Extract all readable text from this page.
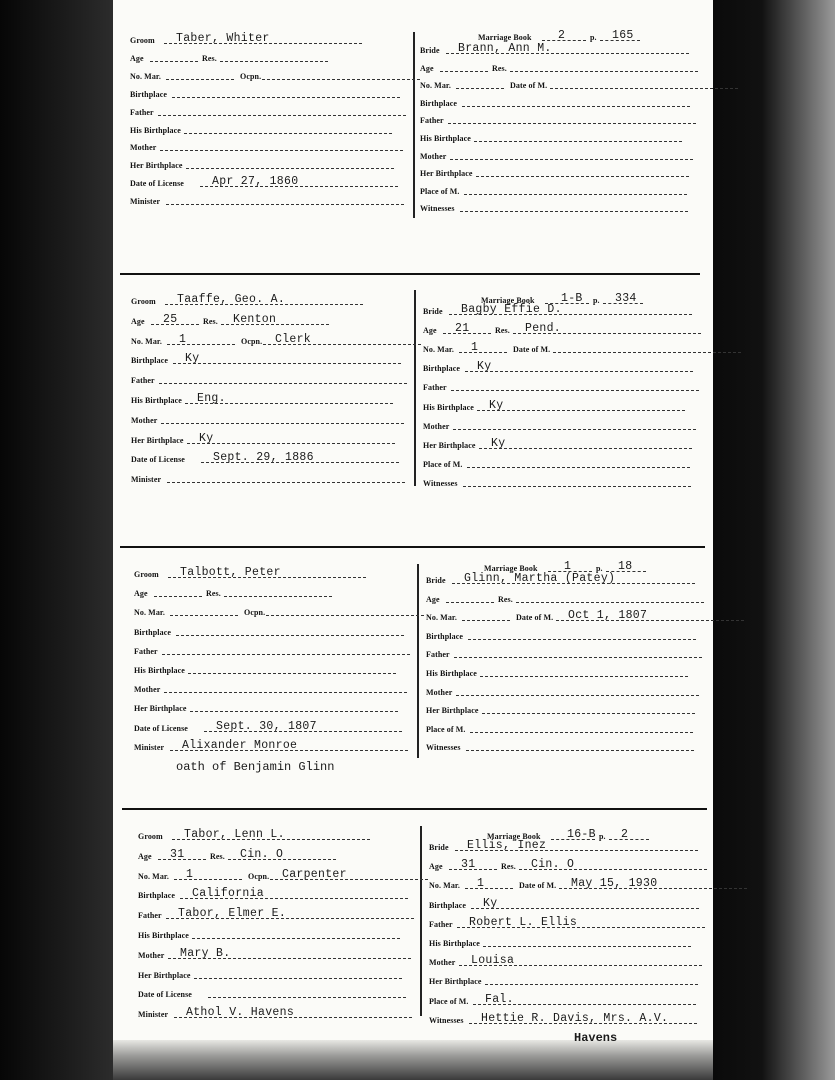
Groom Taber, Whiter
Age	Res.
No. Mar.	Ocpn.
Birthplace
Father
His Birthplace
Mother
Her Birthplace
Date of License Apr 27, 1860
Minister
Marriage Book 2	p. 165
Bride Brann, Ann M.
Age	Res.
No. Mar.	Date of M.
Birthplace
Father
His Birthplace
Mother
Her Birthplace
Place of M.
Witnesses
Groom Taaffe, Geo. A.
Age 25	Res. Kenton
No. Mar. 1	Ocpn. Clerk
Birthplace Ky
Father
His Birthplace Eng.
Mother
Her Birthplace Ky
Date of License Sept. 29, 1886
Minister
Marriage Book 1-B p. 334
Bride Bagby Effie D.
Age 21	Res. Pend.
No. Mar. 1	Date of M.
Birthplace Ky
Father
His Birthplace Ky
Mother
Her Birthplace Ky
Place of M.
Witnesses
Groom Talbott, Peter
Age	Res.
No. Mar.	Ocpn.
Birthplace
Father
His Birthplace
Mother
Her Birthplace
Date of License Sept. 30, 1807
Minister Alixander Monroe
Marriage Book 1	p. 18
Bride Glinn, Martha (Patey)
Age	Res.
No. Mar.	Date of M. Oct 1, 1807
Birthplace
Father
His Birthplace
Mother
Her Birthplace
Place of M.
Witnesses
oath of Benjamin Glinn
Groom Tabor, Lenn L.
Age 31	Res. Cin. O
No. Mar. 1	Ocpn. Carpenter
Birthplace California
Father Tabor, Elmer E.
His Birthplace
Mother Mary B.
Her Birthplace
Date of License
Minister Athol V. Havens
Marriage Book 16-B p. 2
Bride Ellis, Inez
Age 31	Res. Cin. O
No. Mar. 1	Date of M. May 15, 1930
Birthplace Ky
Father Robert L. Ellis
His Birthplace
Mother Louisa
Her Birthplace
Place of M. Fal.
Witnesses Hettie R. Davis, Mrs. A.V.
Havens
